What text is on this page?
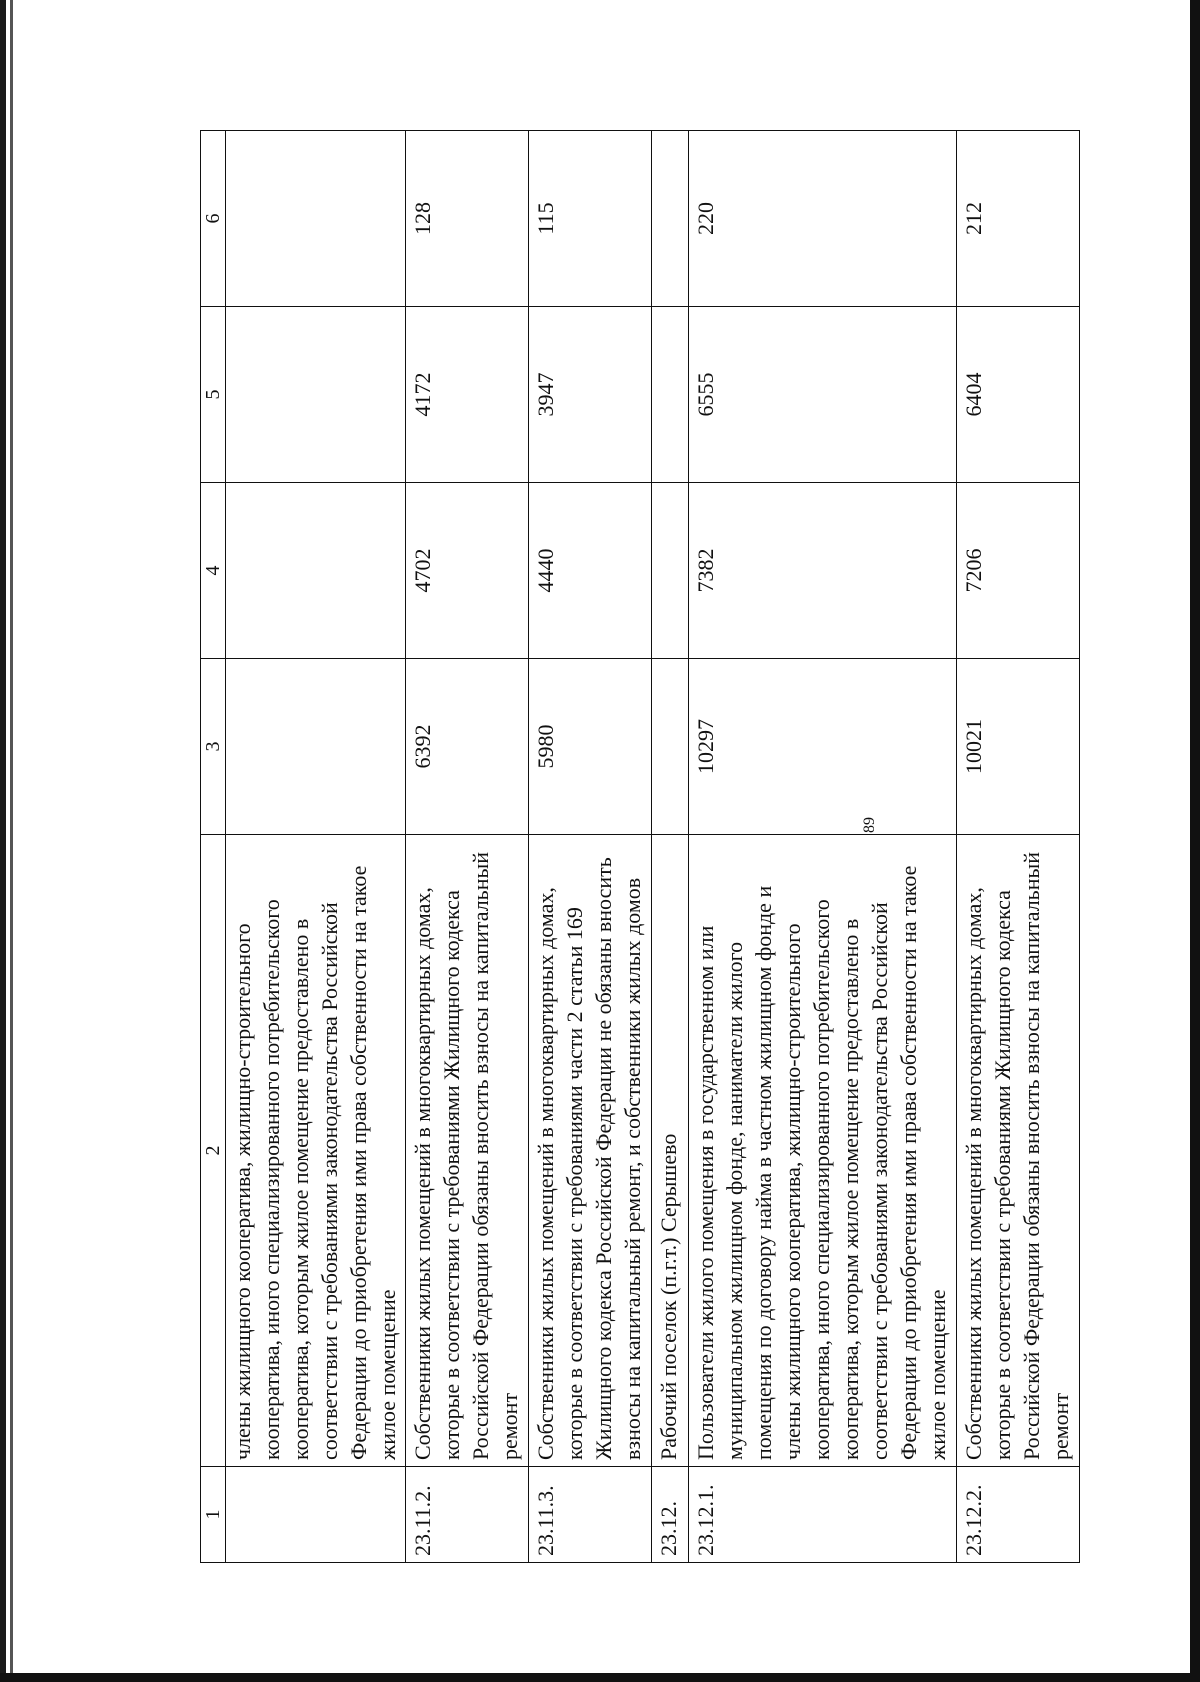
89
1	2	3	4	5	6
	члены жилищного кооператива, жилищно-строительного кооператива, иного специализированного потребительского кооператива, которым жилое помещение предоставлено в соответствии с требованиями законодательства Российской Федерации до приобретения ими права собственности на такое жилое помещение				
23.11.2.	Собственники жилых помещений в многоквартирных домах, которые в соответствии с требованиями Жилищного кодекса Российской Федерации обязаны вносить взносы на капитальный ремонт	6392	4702	4172	128
23.11.3.	Собственники жилых помещений в многоквартирных домах, которые в соответствии с требованиями части 2 статьи 169 Жилищного кодекса Российской Федерации не обязаны вносить взносы на капитальный ремонт, и собственники жилых домов	5980	4440	3947	115
23.12.	Рабочий поселок (п.г.т.) Серышево				
23.12.1.	Пользователи жилого помещения в государственном или муниципальном жилищном фонде, наниматели жилого помещения по договору найма в частном жилищном фонде и члены жилищного кооператива, жилищно-строительного кооператива, иного специализированного потребительского кооператива, которым жилое помещение предоставлено в соответствии с требованиями законодательства Российской Федерации до приобретения ими права собственности на такое жилое помещение	10297	7382	6555	220
23.12.2.	Собственники жилых помещений в многоквартирных домах, которые в соответствии с требованиями Жилищного кодекса Российской Федерации обязаны вносить взносы на капитальный ремонт	10021	7206	6404	212
